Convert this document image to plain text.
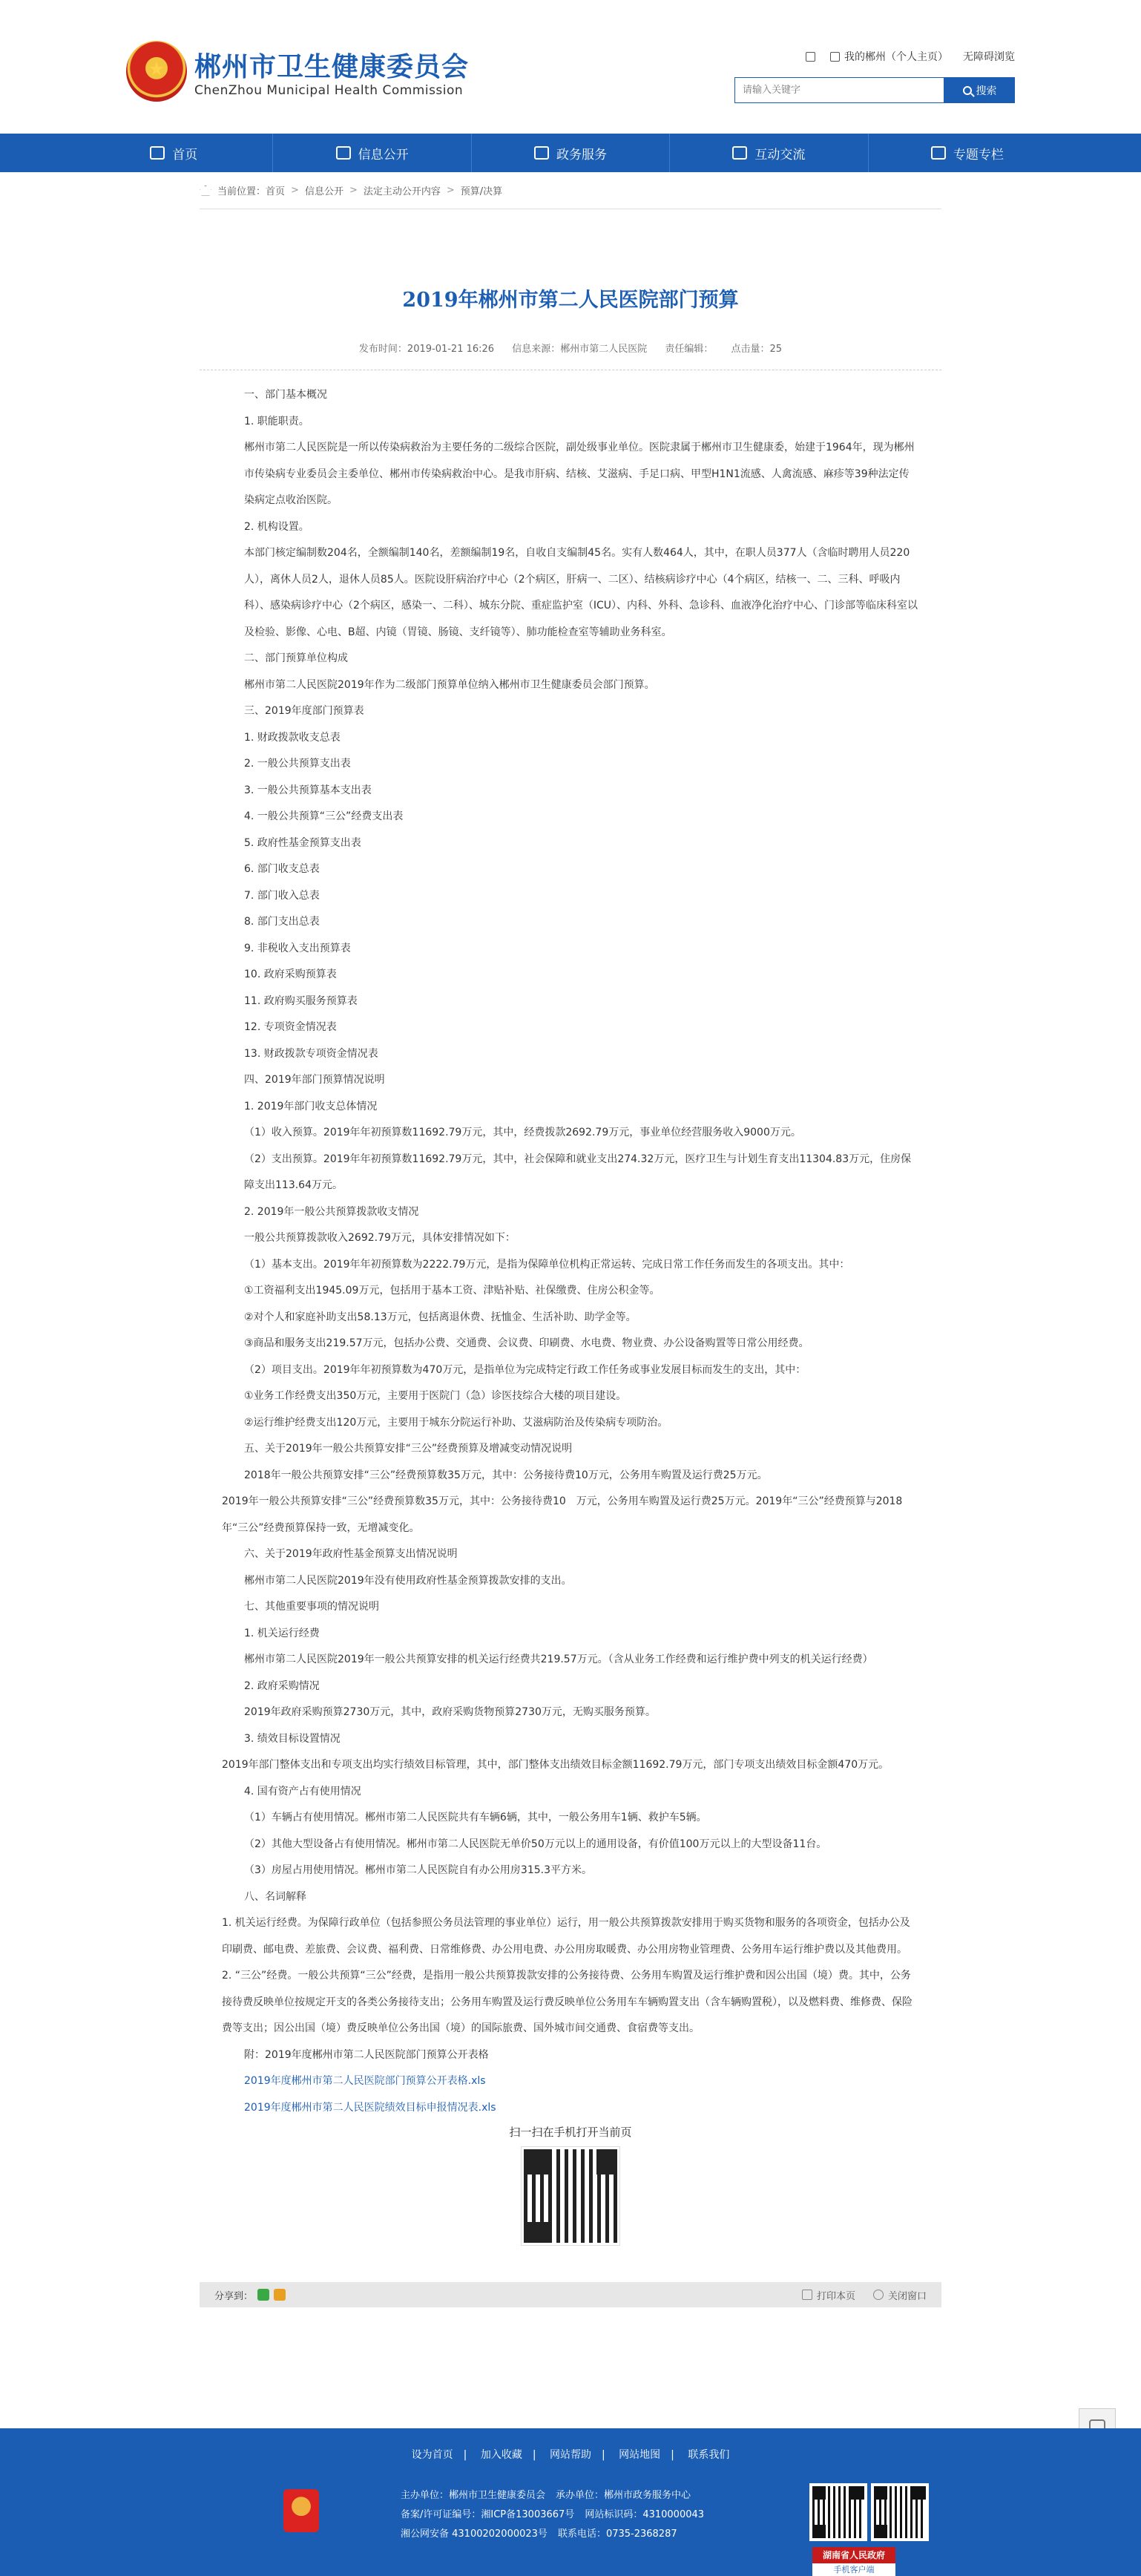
郴州市卫生健康委员会
ChenZhou Municipal Health Commission
我的郴州（个人主页） 无障碍浏览
请输入关键字
搜索
首页	信息公开	政务服务	互动交流	专题专栏
当前位置： 首页 > 信息公开 > 法定主动公开内容 > 预算/决算
2019年郴州市第二人民医院部门预算
发布时间：2019-01-21 16:26 信息来源：郴州市第二人民医院 责任编辑： 点击量：25

一、部门基本概况

1. 职能职责。

郴州市第二人民医院是一所以传染病救治为主要任务的二级综合医院，副处级事业单位。医院隶属于郴州市卫生健康委，始建于1964年，现为郴州市传染病专业委员会主委单位、郴州市传染病救治中心。是我市肝病、结核、艾滋病、手足口病、甲型H1N1流感、人禽流感、麻疹等39种法定传染病定点收治医院。

2. 机构设置。

本部门核定编制数204名，全额编制140名，差额编制19名，自收自支编制45名。实有人数464人，其中，在职人员377人（含临时聘用人员220人），离休人员2人，退休人员85人。医院设肝病治疗中心（2个病区，肝病一、二区）、结核病诊疗中心（4个病区，结核一、二、三科、呼吸内科）、感染病诊疗中心（2个病区，感染一、二科）、城东分院、重症监护室（ICU）、内科、外科、急诊科、血液净化治疗中心、门诊部等临床科室以及检验、影像、心电、B超、内镜（胃镜、肠镜、支纤镜等）、肺功能检查室等辅助业务科室。

二、部门预算单位构成

郴州市第二人民医院2019年作为二级部门预算单位纳入郴州市卫生健康委员会部门预算。

三、2019年度部门预算表

1. 财政拨款收支总表

2. 一般公共预算支出表

3. 一般公共预算基本支出表

4. 一般公共预算“三公”经费支出表

5. 政府性基金预算支出表

6. 部门收支总表

7. 部门收入总表

8. 部门支出总表

9. 非税收入支出预算表

10. 政府采购预算表

11. 政府购买服务预算表

12. 专项资金情况表

13. 财政拨款专项资金情况表

四、2019年部门预算情况说明

1. 2019年部门收支总体情况

（1）收入预算。2019年年初预算数11692.79万元，其中，经费拨款2692.79万元，事业单位经营服务收入9000万元。

（2）支出预算。2019年年初预算数11692.79万元，其中，社会保障和就业支出274.32万元，医疗卫生与计划生育支出11304.83万元，住房保障支出113.64万元。

2. 2019年一般公共预算拨款收支情况

一般公共预算拨款收入2692.79万元，具体安排情况如下：

（1）基本支出。2019年年初预算数为2222.79万元，是指为保障单位机构正常运转、完成日常工作任务而发生的各项支出。其中：

①工资福利支出1945.09万元，包括用于基本工资、津贴补贴、社保缴费、住房公积金等。

②对个人和家庭补助支出58.13万元，包括离退休费、抚恤金、生活补助、助学金等。

③商品和服务支出219.57万元，包括办公费、交通费、会议费、印刷费、水电费、物业费、办公设备购置等日常公用经费。

（2）项目支出。2019年年初预算数为470万元，是指单位为完成特定行政工作任务或事业发展目标而发生的支出，其中：

①业务工作经费支出350万元，主要用于医院门（急）诊医技综合大楼的项目建设。

②运行维护经费支出120万元，主要用于城东分院运行补助、艾滋病防治及传染病专项防治。

五、关于2019年一般公共预算安排“三公”经费预算及增减变动情况说明

2018年一般公共预算安排“三公”经费预算数35万元，其中：公务接待费10万元，公务用车购置及运行费25万元。

2019年一般公共预算安排“三公”经费预算数35万元，其中：公务接待费10　万元，公务用车购置及运行费25万元。2019年“三公”经费预算与2018年“三公”经费预算保持一致，无增减变化。

六、关于2019年政府性基金预算支出情况说明

郴州市第二人民医院2019年没有使用政府性基金预算拨款安排的支出。

七、其他重要事项的情况说明

1. 机关运行经费

郴州市第二人民医院2019年一般公共预算安排的机关运行经费共219.57万元。（含从业务工作经费和运行维护费中列支的机关运行经费）

2. 政府采购情况

2019年政府采购预算2730万元，其中，政府采购货物预算2730万元，无购买服务预算。

3. 绩效目标设置情况

2019年部门整体支出和专项支出均实行绩效目标管理，其中，部门整体支出绩效目标金额11692.79万元，部门专项支出绩效目标金额470万元。

4. 国有资产占有使用情况

（1）车辆占有使用情况。郴州市第二人民医院共有车辆6辆，其中，一般公务用车1辆、救护车5辆。

（2）其他大型设备占有使用情况。郴州市第二人民医院无单价50万元以上的通用设备，有价值100万元以上的大型设备11台。

（3）房屋占用使用情况。郴州市第二人民医院自有办公用房315.3平方米。

八、名词解释

1. 机关运行经费。为保障行政单位（包括参照公务员法管理的事业单位）运行，用一般公共预算拨款安排用于购买货物和服务的各项资金，包括办公及印刷费、邮电费、差旅费、会议费、福利费、日常维修费、办公用电费、办公用房取暖费、办公用房物业管理费、公务用车运行维护费以及其他费用。

2. “三公”经费。一般公共预算“三公”经费，是指用一般公共预算拨款安排的公务接待费、公务用车购置及运行维护费和因公出国（境）费。其中，公务接待费反映单位按规定开支的各类公务接待支出；公务用车购置及运行费反映单位公务用车车辆购置支出（含车辆购置税），以及燃料费、维修费、保险费等支出；因公出国（境）费反映单位公务出国（境）的国际旅费、国外城市间交通费、食宿费等支出。

附：2019年度郴州市第二人民医院部门预算公开表格

2019年度郴州市第二人民医院部门预算公开表格.xls

2019年度郴州市第二人民医院绩效目标申报情况表.xls

扫一扫在手机打开当前页
分享到：	打印本页	关闭窗口
设为首页 | 加入收藏 | 网站帮助 | 网站地图 | 联系我们
主办单位：郴州市卫生健康委员会 承办单位：郴州市政务服务中心
备案/许可证编号：湘ICP备13003667号 网站标识码：4310000043
湘公网安备 43100202000023号 联系电话：0735-2368287
湖南省人民政府
手机客户端
